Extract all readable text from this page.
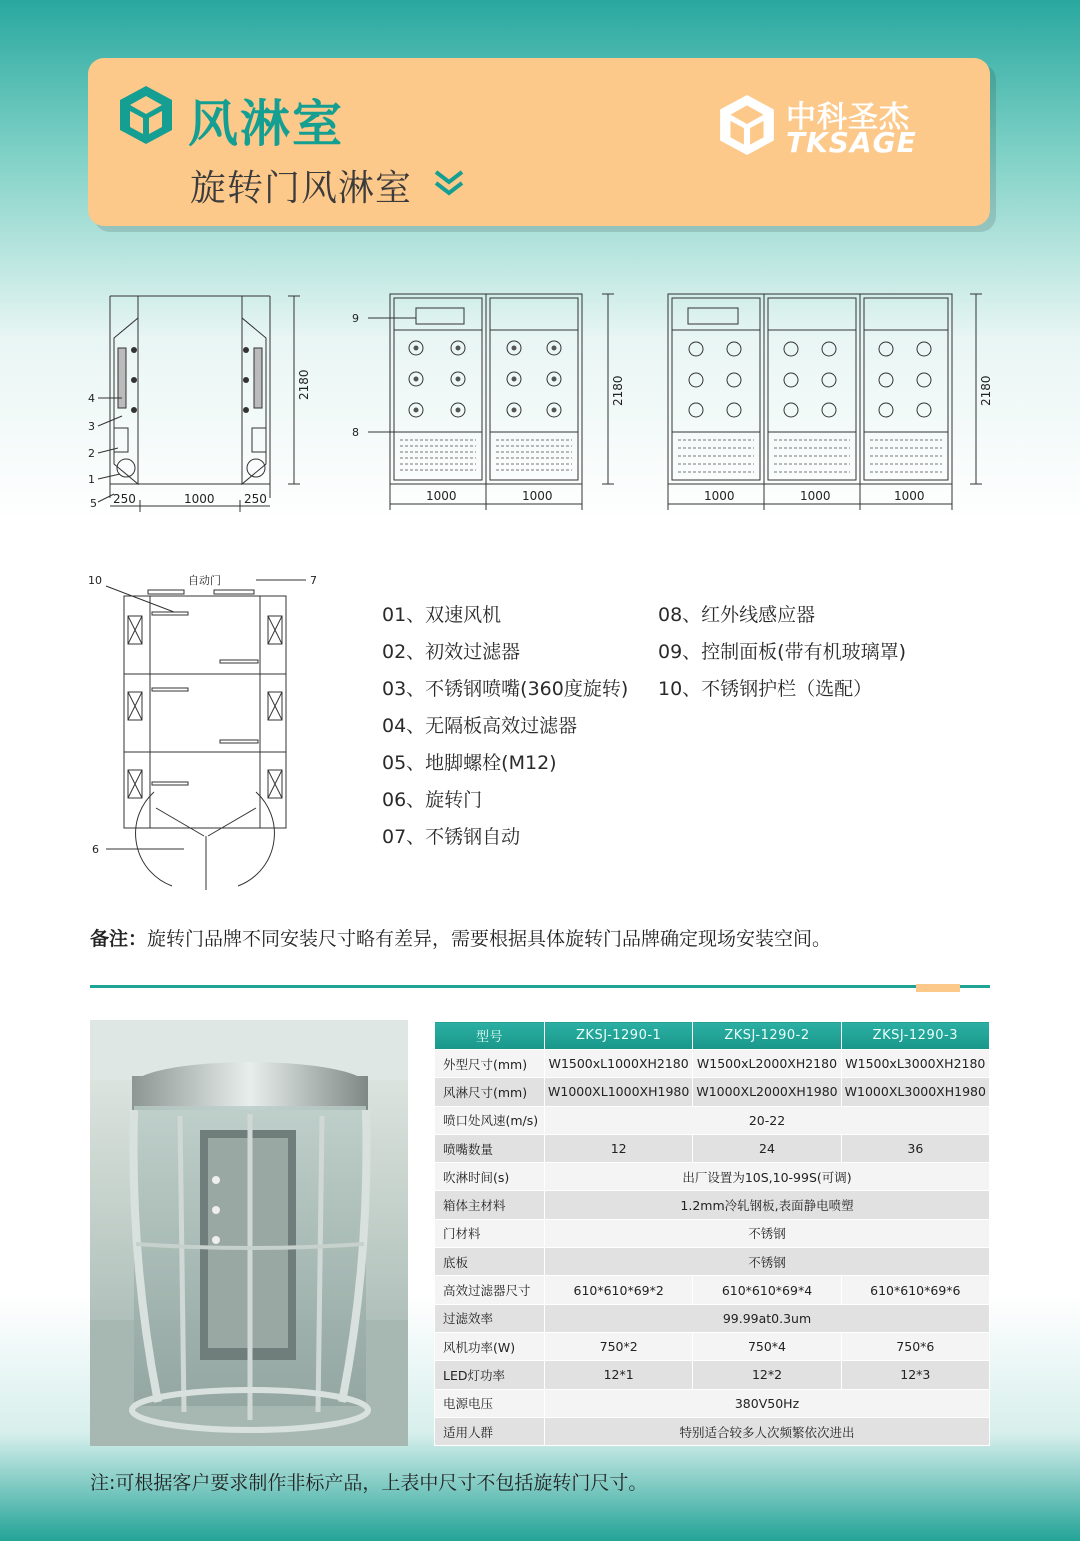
风淋室
旋转门风淋室
中科圣杰
TKSAGE
4
3
2
1
5 250	1000 250
2180
9
8
1000	1000
2180
1000	1000	1000
2180
10	7
6
自动门
01、双速风机
02、初效过滤器
03、不锈钢喷嘴(360度旋转)
04、无隔板高效过滤器
05、地脚螺栓(M12)
06、旋转门
07、不锈钢自动
08、红外线感应器
09、控制面板(带有机玻璃罩)
10、不锈钢护栏（选配）
备注：旋转门品牌不同安装尺寸略有差异，需要根据具体旋转门品牌确定现场安装空间。
型号	ZKSJ-1290-1	ZKSJ-1290-2	ZKSJ-1290-3
外型尺寸(mm)	W1500xL1000XH2180	W1500xL2000XH2180	W1500xL3000XH2180
风淋尺寸(mm)	W1000XL1000XH1980	W1000XL2000XH1980	W1000XL3000XH1980
喷口处风速(m/s)	20-22		
喷嘴数量	12	24	36
吹淋时间(s)	出厂设置为10S,10-99S(可调)		
箱体主材料	1.2mm冷轧钢板,表面静电喷塑		
门材料	不锈钢		
底板	不锈钢		
高效过滤器尺寸	610*610*69*2	610*610*69*4	610*610*69*6
过滤效率	99.99at0.3um		
风机功率(W)	750*2	750*4	750*6
LED灯功率	12*1	12*2	12*3
电源电压	380V50Hz		
适用人群	特别适合较多人次频繁依次进出		
注:可根据客户要求制作非标产品，上表中尺寸不包括旋转门尺寸。
